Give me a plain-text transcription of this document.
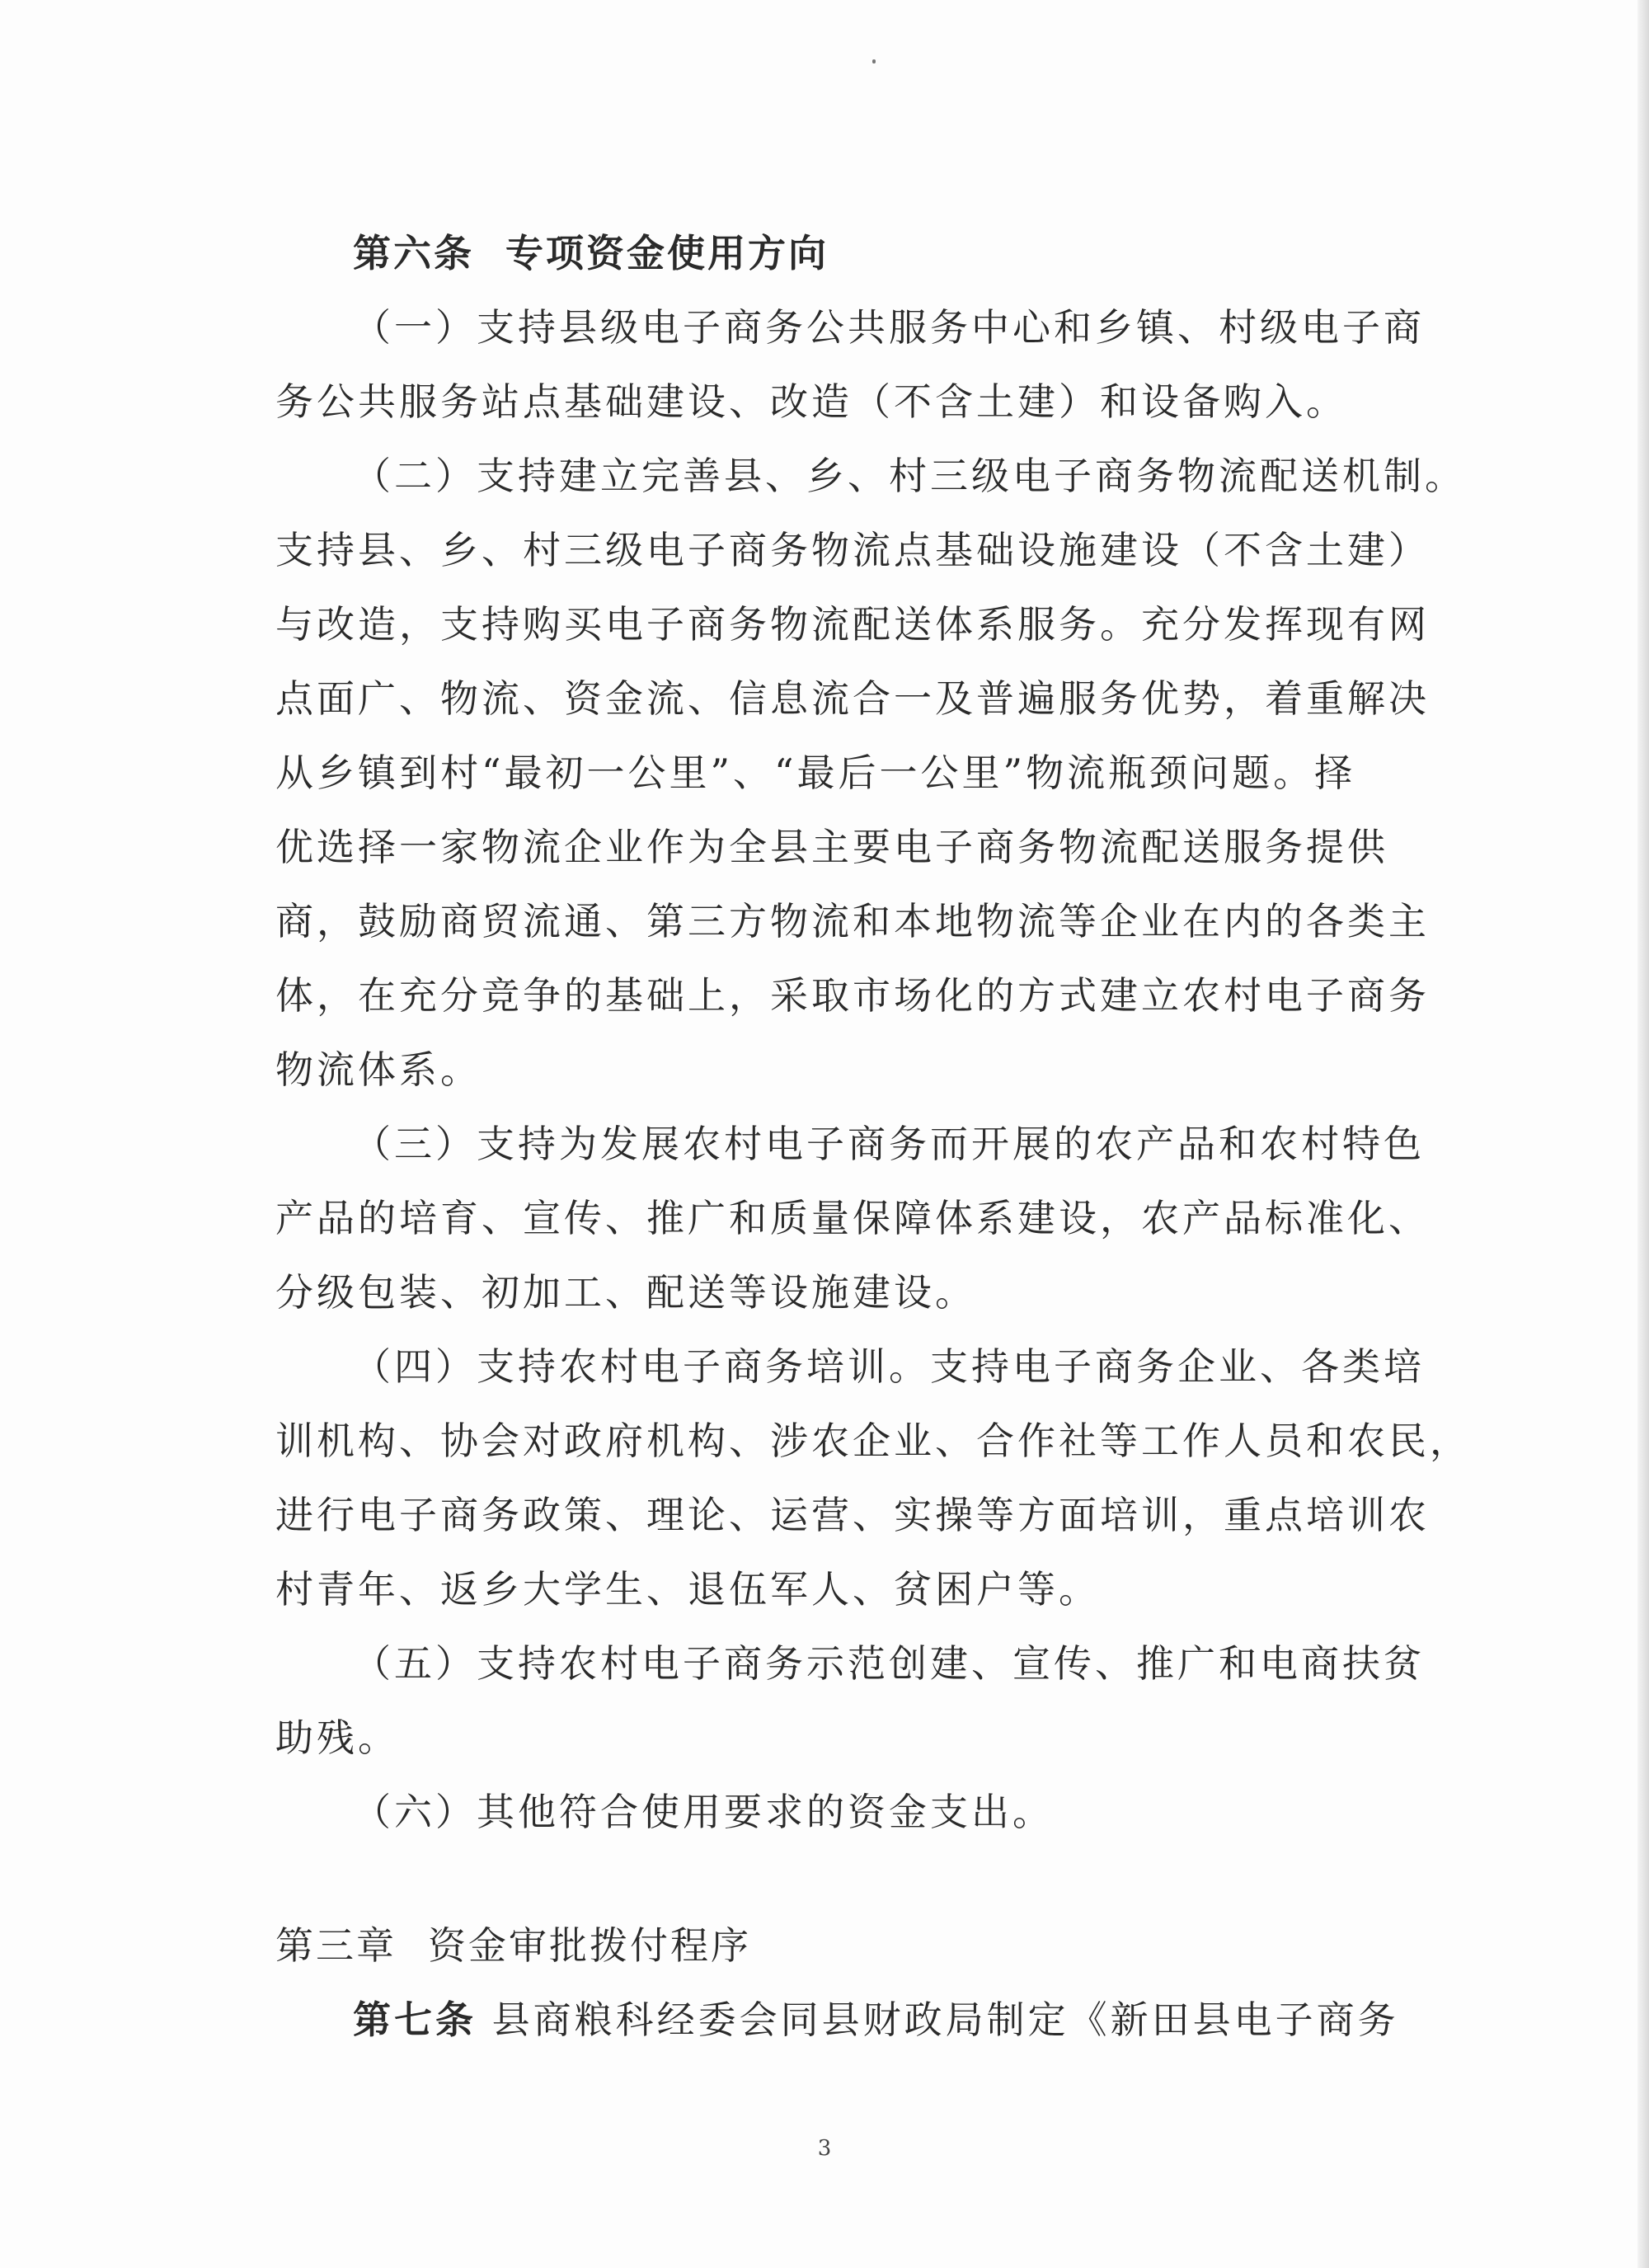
第六条 专项资金使用方向
（一）支持县级电子商务公共服务中心和乡镇、村级电子商
务公共服务站点基础建设、改造（不含土建）和设备购入。
（二）支持建立完善县、乡、村三级电子商务物流配送机制。
支持县、乡、村三级电子商务物流点基础设施建设（不含土建）
与改造，支持购买电子商务物流配送体系服务。充分发挥现有网
点面广、物流、资金流、信息流合一及普遍服务优势，着重解决
从乡镇到村“最初一公里”、“最后一公里”物流瓶颈问题。择
优选择一家物流企业作为全县主要电子商务物流配送服务提供
商，鼓励商贸流通、第三方物流和本地物流等企业在内的各类主
体，在充分竞争的基础上，采取市场化的方式建立农村电子商务
物流体系。
（三）支持为发展农村电子商务而开展的农产品和农村特色
产品的培育、宣传、推广和质量保障体系建设，农产品标准化、
分级包装、初加工、配送等设施建设。
（四）支持农村电子商务培训。支持电子商务企业、各类培
训机构、协会对政府机构、涉农企业、合作社等工作人员和农民，
进行电子商务政策、理论、运营、实操等方面培训，重点培训农
村青年、返乡大学生、退伍军人、贫困户等。
（五）支持农村电子商务示范创建、宣传、推广和电商扶贫
助残。
（六）其他符合使用要求的资金支出。
第三章 资金审批拨付程序
第七条 县商粮科经委会同县财政局制定《新田县电子商务
3
